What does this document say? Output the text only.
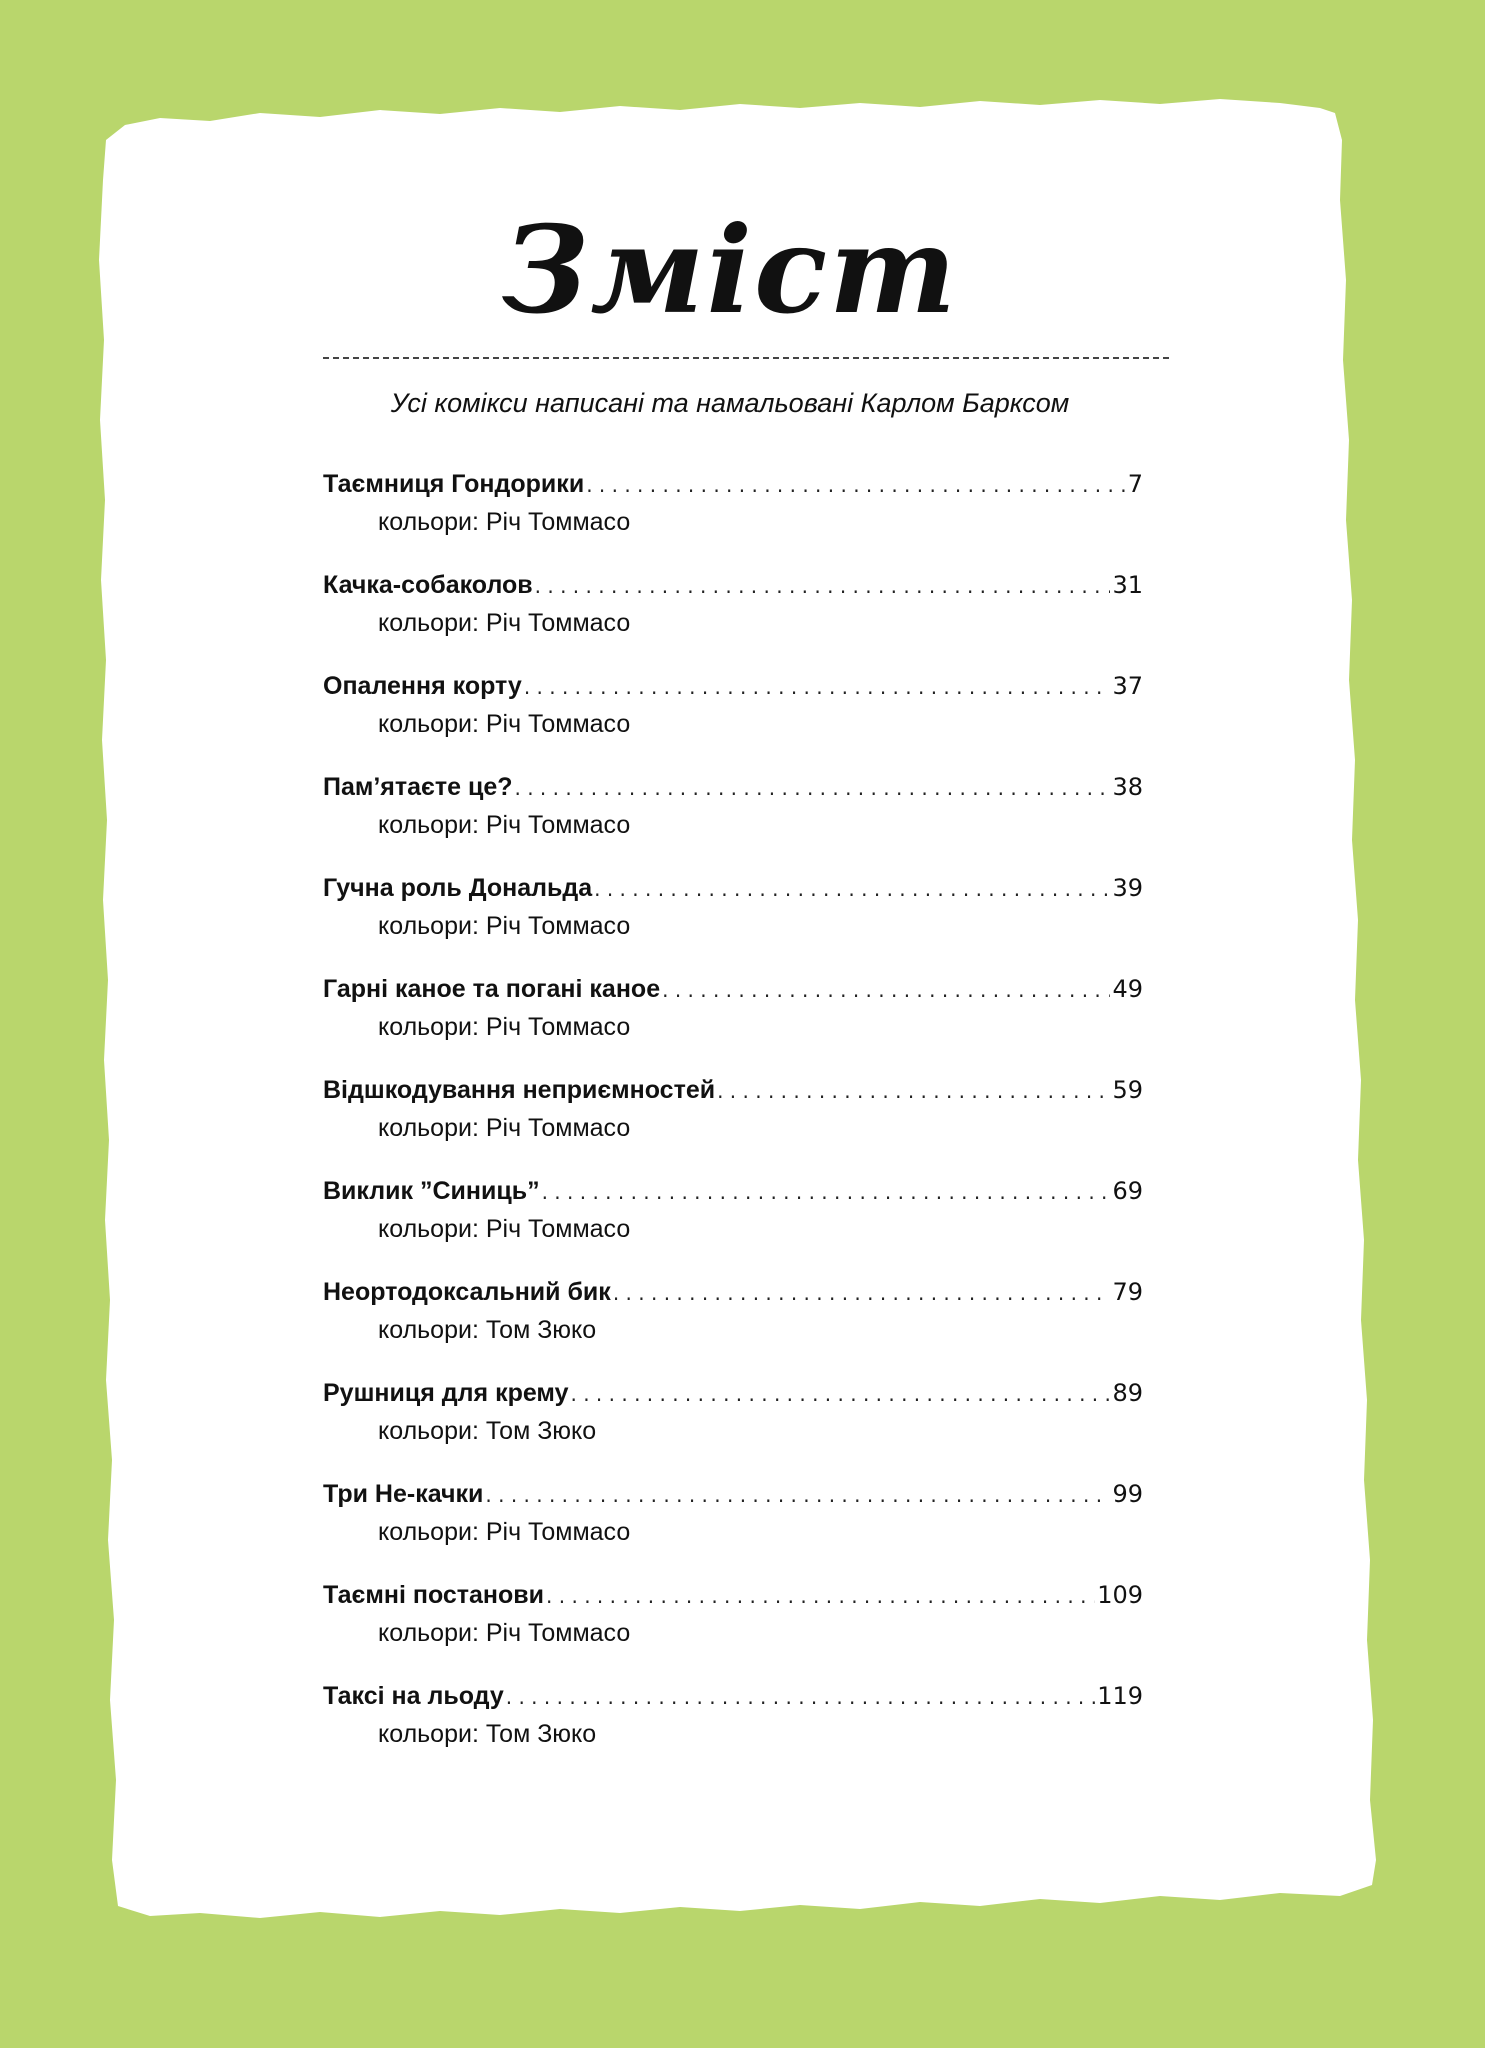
Зміст
Усі комікси написані та намальовані Карлом Барксом
Таємниця Гондорики . . .	7
кольори: Річ Томмасо
Качка-собаколов . . .	31
кольори: Річ Томмасо
Опалення корту . . .	37
кольори: Річ Томмасо
Пам’ятаєте це? . . .	38
кольори: Річ Томмасо
Гучна роль Дональда . . .	39
кольори: Річ Томмасо
Гарні каное та погані каное . . .	49
кольори: Річ Томмасо
Відшкодування неприємностей . . .	59
кольори: Річ Томмасо
Виклик ”Синиць” . . .	69
кольори: Річ Томмасо
Неортодоксальний бик . . .	79
кольори: Том Зюко
Рушниця для крему . . .	89
кольори: Том Зюко
Три Не-качки . . .	99
кольори: Річ Томмасо
Таємні постанови . . .	109
кольори: Річ Томмасо
Таксі на льоду . . .	119
кольори: Том Зюко
